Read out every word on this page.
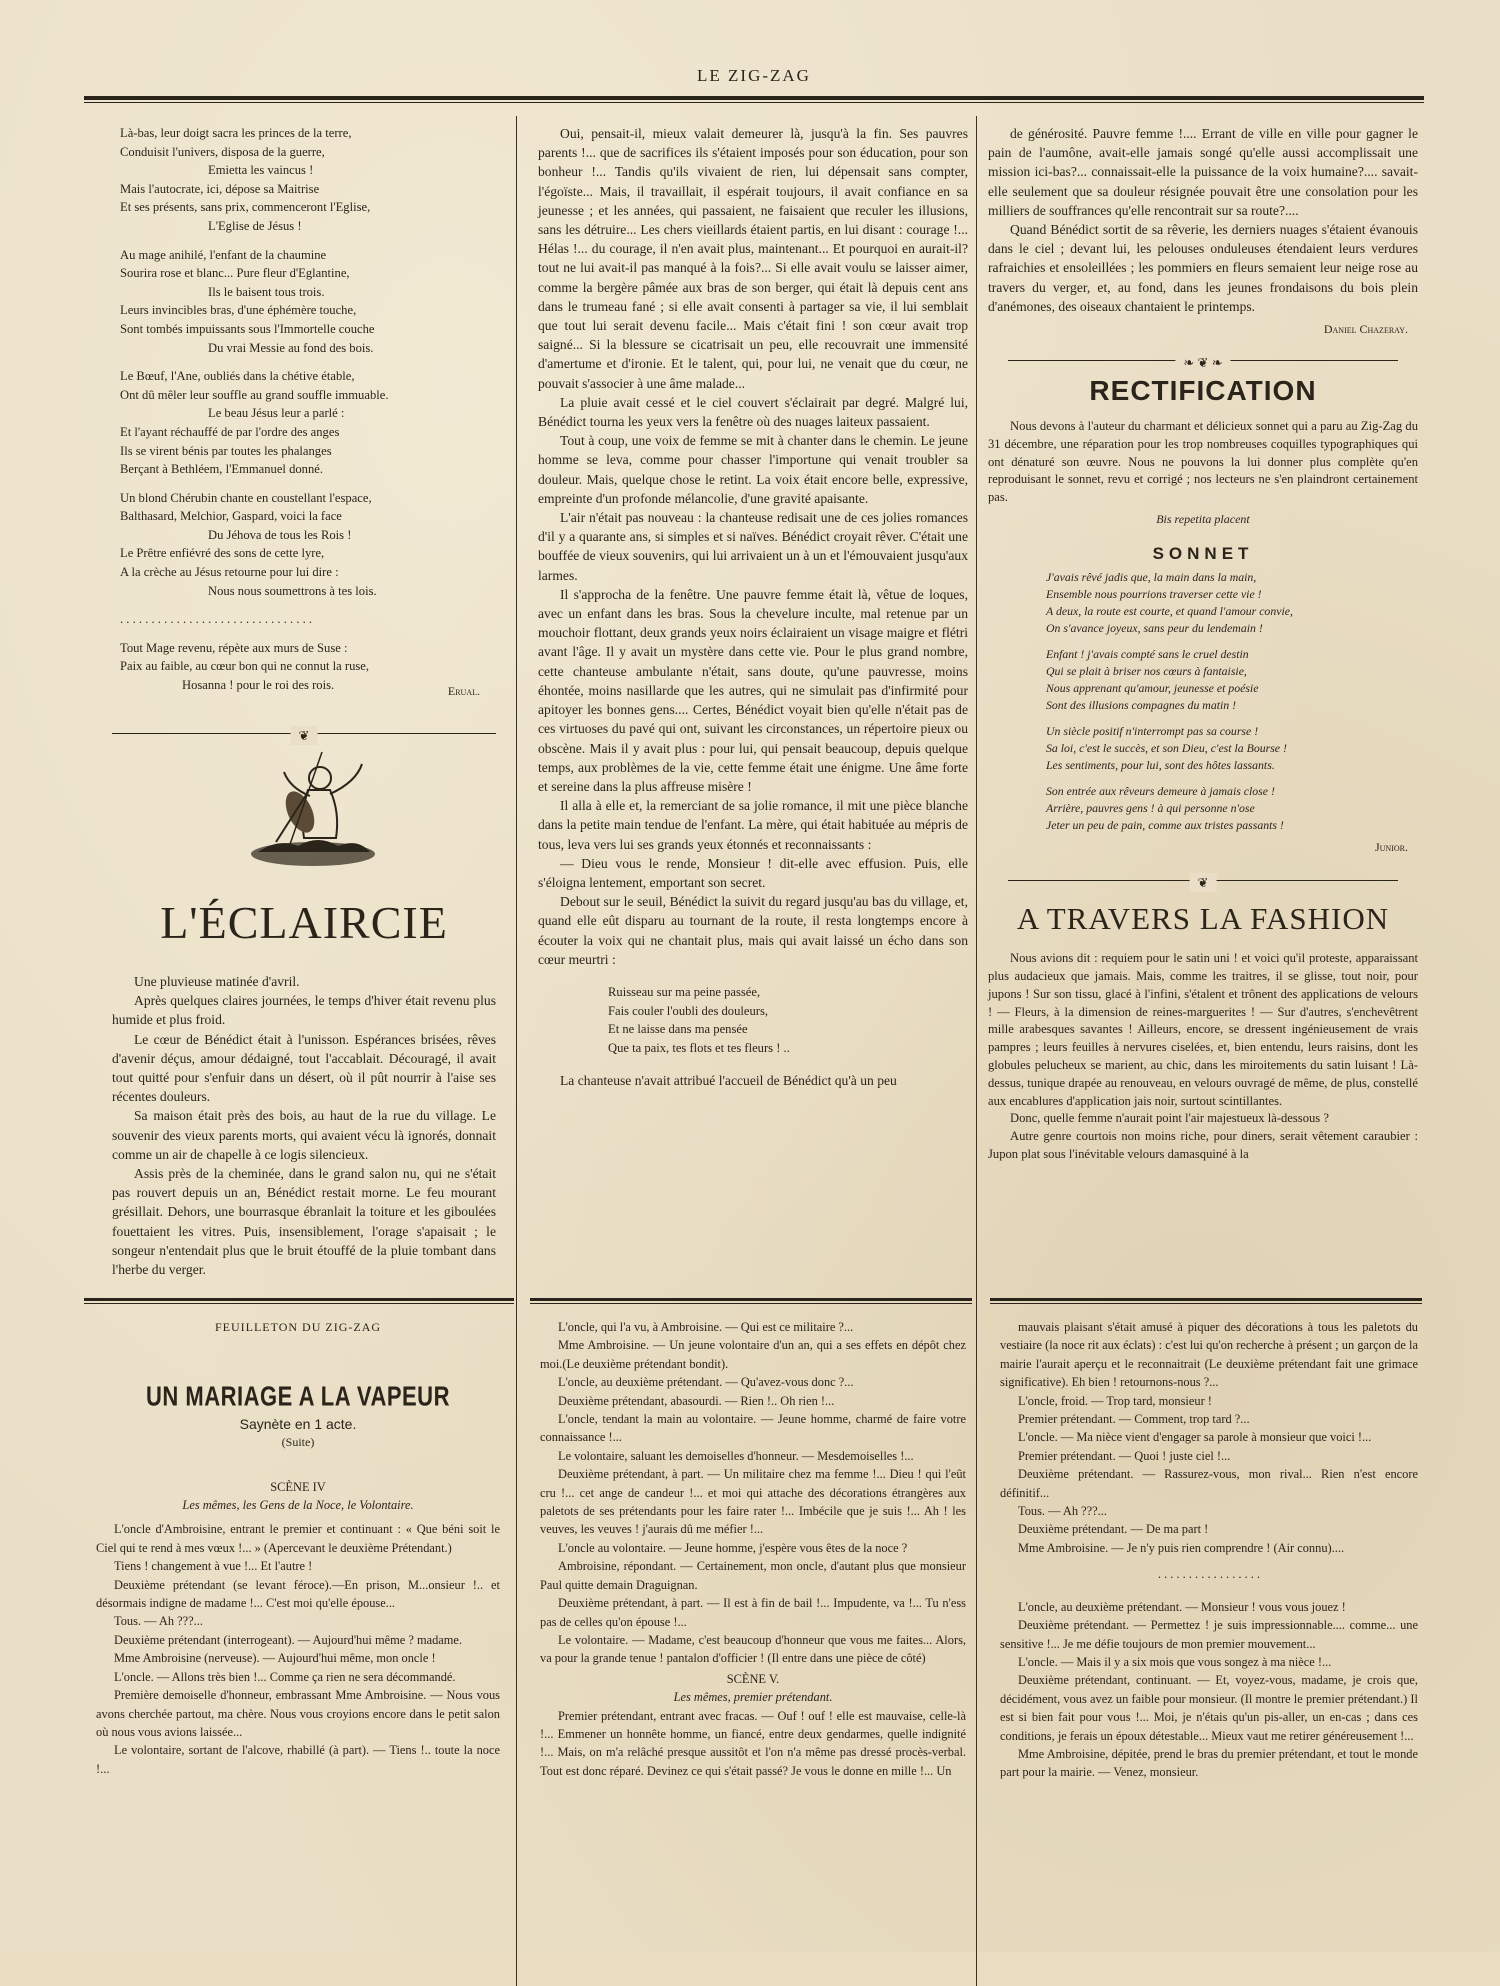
LE ZIG-ZAG
Là-bas, leur doigt sacra les princes de la terre,
Conduisit l'univers, disposa de la guerre,
Emietta les vaincus !
Mais l'autocrate, ici, dépose sa Maitrise
Et ses présents, sans prix, commenceront l'Eglise,
L'Eglise de Jésus !
Au mage anihilé, l'enfant de la chaumine
Sourira rose et blanc... Pure fleur d'Eglantine,
Ils le baisent tous trois.
Leurs invincibles bras, d'une éphémère touche,
Sont tombés impuissants sous l'Immortelle couche
Du vrai Messie au fond des bois.
Le Bœuf, l'Ane, oubliés dans la chétive étable,
Ont dû mêler leur souffle au grand souffle immuable.
Le beau Jésus leur a parlé :
Et l'ayant réchauffé de par l'ordre des anges
Ils se virent bénis par toutes les phalanges
Berçant à Bethléem, l'Emmanuel donné.
Un blond Chérubin chante en coustellant l'espace,
Balthasard, Melchior, Gaspard, voici la face
Du Jéhova de tous les Rois !
Le Prêtre enfiévré des sons de cette lyre,
A la crèche au Jésus retourne pour lui dire :
Nous nous soumettrons à tes lois.
. . . . . . . . . . . . . . . . . . . . . . . . . . . . . . .
Tout Mage revenu, répète aux murs de Suse :
Paix au faible, au cœur bon qui ne connut la ruse,
Hosanna ! pour le roi des rois.	Erual.
❦
L'ÉCLAIRCIE

Une pluvieuse matinée d'avril.

Après quelques claires journées, le temps d'hiver était revenu plus humide et plus froid.

Le cœur de Bénédict était à l'unisson. Espérances brisées, rêves d'avenir déçus, amour dédaigné, tout l'accablait. Découragé, il avait tout quitté pour s'enfuir dans un désert, où il pût nourrir à l'aise ses récentes douleurs.

Sa maison était près des bois, au haut de la rue du village. Le souvenir des vieux parents morts, qui avaient vécu là ignorés, donnait comme un air de chapelle à ce logis silencieux.

Assis près de la cheminée, dans le grand salon nu, qui ne s'était pas rouvert depuis un an, Bénédict restait morne. Le feu mourant grésillait. Dehors, une bourrasque ébranlait la toiture et les giboulées fouettaient les vitres. Puis, insensiblement, l'orage s'apaisait ; le songeur n'entendait plus que le bruit étouffé de la pluie tombant dans l'herbe du verger.

Oui, pensait-il, mieux valait demeurer là, jusqu'à la fin. Ses pauvres parents !... que de sacrifices ils s'étaient imposés pour son éducation, pour son bonheur !... Tandis qu'ils vivaient de rien, lui dépensait sans compter, l'égoïste... Mais, il travaillait, il espérait toujours, il avait confiance en sa jeunesse ; et les années, qui passaient, ne faisaient que reculer les illusions, sans les détruire... Les chers vieillards étaient partis, en lui disant : courage !... Hélas !... du courage, il n'en avait plus, maintenant... Et pourquoi en aurait-il? tout ne lui avait-il pas manqué à la fois?... Si elle avait voulu se laisser aimer, comme la bergère pâmée aux bras de son berger, qui était là depuis cent ans dans le trumeau fané ; si elle avait consenti à partager sa vie, il lui semblait que tout lui serait devenu facile... Mais c'était fini ! son cœur avait trop saigné... Si la blessure se cicatrisait un peu, elle recouvrait une immensité d'amertume et d'ironie. Et le talent, qui, pour lui, ne venait que du cœur, ne pouvait s'associer à une âme malade...

La pluie avait cessé et le ciel couvert s'éclairait par degré. Malgré lui, Bénédict tourna les yeux vers la fenêtre où des nuages laiteux passaient.

Tout à coup, une voix de femme se mit à chanter dans le chemin. Le jeune homme se leva, comme pour chasser l'importune qui venait troubler sa douleur. Mais, quelque chose le retint. La voix était encore belle, expressive, empreinte d'un profonde mélancolie, d'une gravité apaisante.

L'air n'était pas nouveau : la chanteuse redisait une de ces jolies romances d'il y a quarante ans, si simples et si naïves. Bénédict croyait rêver. C'était une bouffée de vieux souvenirs, qui lui arrivaient un à un et l'émouvaient jusqu'aux larmes.

Il s'approcha de la fenêtre. Une pauvre femme était là, vêtue de loques, avec un enfant dans les bras. Sous la chevelure inculte, mal retenue par un mouchoir flottant, deux grands yeux noirs éclairaient un visage maigre et flétri avant l'âge. Il y avait un mystère dans cette vie. Pour le plus grand nombre, cette chanteuse ambulante n'était, sans doute, qu'une pauvresse, moins éhontée, moins nasillarde que les autres, qui ne simulait pas d'infirmité pour apitoyer les bonnes gens.... Certes, Bénédict voyait bien qu'elle n'était pas de ces virtuoses du pavé qui ont, suivant les circonstances, un répertoire pieux ou obscène. Mais il y avait plus : pour lui, qui pensait beaucoup, depuis quelque temps, aux problèmes de la vie, cette femme était une énigme. Une âme forte et sereine dans la plus affreuse misère !

Il alla à elle et, la remerciant de sa jolie romance, il mit une pièce blanche dans la petite main tendue de l'enfant. La mère, qui était habituée au mépris de tous, leva vers lui ses grands yeux étonnés et reconnaissants :

— Dieu vous le rende, Monsieur ! dit-elle avec effusion. Puis, elle s'éloigna lentement, emportant son secret.

Debout sur le seuil, Bénédict la suivit du regard jusqu'au bas du village, et, quand elle eût disparu au tournant de la route, il resta longtemps encore à écouter la voix qui ne chantait plus, mais qui avait laissé un écho dans son cœur meurtri :

Ruisseau sur ma peine passée,
Fais couler l'oubli des douleurs,
Et ne laisse dans ma pensée
Que ta paix, tes flots et tes fleurs ! ..

La chanteuse n'avait attribué l'accueil de Bénédict qu'à un peu

de générosité. Pauvre femme !.... Errant de ville en ville pour gagner le pain de l'aumône, avait-elle jamais songé qu'elle aussi accomplissait une mission ici-bas?... connaissait-elle la puissance de la voix humaine?.... savait-elle seulement que sa douleur résignée pouvait être une consolation pour les milliers de souffrances qu'elle rencontrait sur sa route?....

Quand Bénédict sortit de sa rêverie, les derniers nuages s'étaient évanouis dans le ciel ; devant lui, les pelouses onduleuses étendaient leurs verdures rafraichies et ensoleillées ; les pommiers en fleurs semaient leur neige rose au travers du verger, et, au fond, dans les jeunes frondaisons du bois plein d'anémones, des oiseaux chantaient le printemps.

Daniel Chazeray.
❧ ❦ ❧
RECTIFICATION

Nous devons à l'auteur du charmant et délicieux sonnet qui a paru au Zig-Zag du 31 décembre, une réparation pour les trop nombreuses coquilles typographiques qui ont dénaturé son œuvre. Nous ne pouvons la lui donner plus complète qu'en reproduisant le sonnet, revu et corrigé ; nos lecteurs ne s'en plaindront certainement pas.

Bis repetita placent
SONNET
J'avais rêvé jadis que, la main dans la main,
Ensemble nous pourrions traverser cette vie !
A deux, la route est courte, et quand l'amour convie,
On s'avance joyeux, sans peur du lendemain !
Enfant ! j'avais compté sans le cruel destin
Qui se plait à briser nos cœurs à fantaisie,
Nous apprenant qu'amour, jeunesse et poésie
Sont des illusions compagnes du matin !
Un siècle positif n'interrompt pas sa course !
Sa loi, c'est le succès, et son Dieu, c'est la Bourse !
Les sentiments, pour lui, sont des hôtes lassants.
Son entrée aux rêveurs demeure à jamais close !
Arrière, pauvres gens ! à qui personne n'ose
Jeter un peu de pain, comme aux tristes passants !
Junior.
❦
A TRAVERS LA FASHION

Nous avions dit : requiem pour le satin uni ! et voici qu'il proteste, apparaissant plus audacieux que jamais. Mais, comme les traitres, il se glisse, tout noir, pour jupons ! Sur son tissu, glacé à l'infini, s'étalent et trônent des applications de velours ! — Fleurs, à la dimension de reines-marguerites ! — Sur d'autres, s'enchevêtrent mille arabesques savantes ! Ailleurs, encore, se dressent ingénieusement de vrais pampres ; leurs feuilles à nervures ciselées, et, bien entendu, leurs raisins, dont les globules pelucheux se marient, au chic, dans les miroitements du satin luisant ! Là-dessus, tunique drapée au renouveau, en velours ouvragé de même, de plus, constellé aux encablures d'application jais noir, surtout scintillantes.

Donc, quelle femme n'aurait point l'air majestueux là-dessous ?

Autre genre courtois non moins riche, pour diners, serait vêtement caraubier : Jupon plat sous l'inévitable velours damasquiné à la

FEUILLETON DU ZIG-ZAG
UN MARIAGE A LA VAPEUR
Saynète en 1 acte.
(Suite)
SCÈNE IV
Les mêmes, les Gens de la Noce, le Volontaire.

L'oncle d'Ambroisine, entrant le premier et continuant : « Que béni soit le Ciel qui te rend à mes vœux !... » (Apercevant le deuxième Prétendant.)

Tiens ! changement à vue !... Et l'autre !

Deuxième prétendant (se levant féroce).—En prison, M...onsieur !.. et désormais indigne de madame !... C'est moi qu'elle épouse...

Tous. — Ah ???...

Deuxième prétendant (interrogeant). — Aujourd'hui même ? madame.

Mme Ambroisine (nerveuse). — Aujourd'hui même, mon oncle !

L'oncle. — Allons très bien !... Comme ça rien ne sera décommandé.

Première demoiselle d'honneur, embrassant Mme Ambroisine. — Nous vous avons cherchée partout, ma chère. Nous vous croyions encore dans le petit salon où nous vous avions laissée...

Le volontaire, sortant de l'alcove, rhabillé (à part). — Tiens !.. toute la noce !...

L'oncle, qui l'a vu, à Ambroisine. — Qui est ce militaire ?...

Mme Ambroisine. — Un jeune volontaire d'un an, qui a ses effets en dépôt chez moi.(Le deuxième prétendant bondit).

L'oncle, au deuxième prétendant. — Qu'avez-vous donc ?...

Deuxième prétendant, abasourdi. — Rien !.. Oh rien !...

L'oncle, tendant la main au volontaire. — Jeune homme, charmé de faire votre connaissance !...

Le volontaire, saluant les demoiselles d'honneur. — Mesdemoiselles !...

Deuxième prétendant, à part. — Un militaire chez ma femme !... Dieu ! qui l'eût cru !... cet ange de candeur !... et moi qui attache des décorations étrangères aux paletots de ses prétendants pour les faire rater !... Imbécile que je suis !... Ah ! les veuves, les veuves ! j'aurais dû me méfier !...

L'oncle au volontaire. — Jeune homme, j'espère vous êtes de la noce ?

Ambroisine, répondant. — Certainement, mon oncle, d'autant plus que monsieur Paul quitte demain Draguignan.

Deuxième prétendant, à part. — Il est à fin de bail !... Impudente, va !... Tu n'ess pas de celles qu'on épouse !...

Le volontaire. — Madame, c'est beaucoup d'honneur que vous me faites... Alors, va pour la grande tenue ! pantalon d'officier ! (Il entre dans une pièce de côté)

SCÈNE V.
Les mêmes, premier prétendant.

Premier prétendant, entrant avec fracas. — Ouf ! ouf ! elle est mauvaise, celle-là !... Emmener un honnête homme, un fiancé, entre deux gendarmes, quelle indignité !... Mais, on m'a relâché presque aussitôt et l'on n'a même pas dressé procès-verbal. Tout est donc réparé. Devinez ce qui s'était passé? Je vous le donne en mille !... Un

mauvais plaisant s'était amusé à piquer des décorations à tous les paletots du vestiaire (la noce rit aux éclats) : c'est lui qu'on recherche à présent ; un garçon de la mairie l'aurait aperçu et le reconnaitrait (Le deuxième prétendant fait une grimace significative). Eh bien ! retournons-nous ?...

L'oncle, froid. — Trop tard, monsieur !

Premier prétendant. — Comment, trop tard ?...

L'oncle. — Ma nièce vient d'engager sa parole à monsieur que voici !...

Premier prétendant. — Quoi ! juste ciel !...

Deuxième prétendant. — Rassurez-vous, mon rival... Rien n'est encore définitif...

Tous. — Ah ???...

Deuxième prétendant. — De ma part !

Mme Ambroisine. — Je n'y puis rien comprendre ! (Air connu)....

. . . . . . . . . . . . . . . . .

L'oncle, au deuxième prétendant. — Monsieur ! vous vous jouez !

Deuxième prétendant. — Permettez ! je suis impressionnable.... comme... une sensitive !... Je me défie toujours de mon premier mouvement...

L'oncle. — Mais il y a six mois que vous songez à ma nièce !...

Deuxième prétendant, continuant. — Et, voyez-vous, madame, je crois que, décidément, vous avez un faible pour monsieur. (Il montre le premier prétendant.) Il est si bien fait pour vous !... Moi, je n'étais qu'un pis-aller, un en-cas ; dans ces conditions, je ferais un époux détestable... Mieux vaut me retirer généreusement !...

Mme Ambroisine, dépitée, prend le bras du premier prétendant, et tout le monde part pour la mairie. — Venez, monsieur.
